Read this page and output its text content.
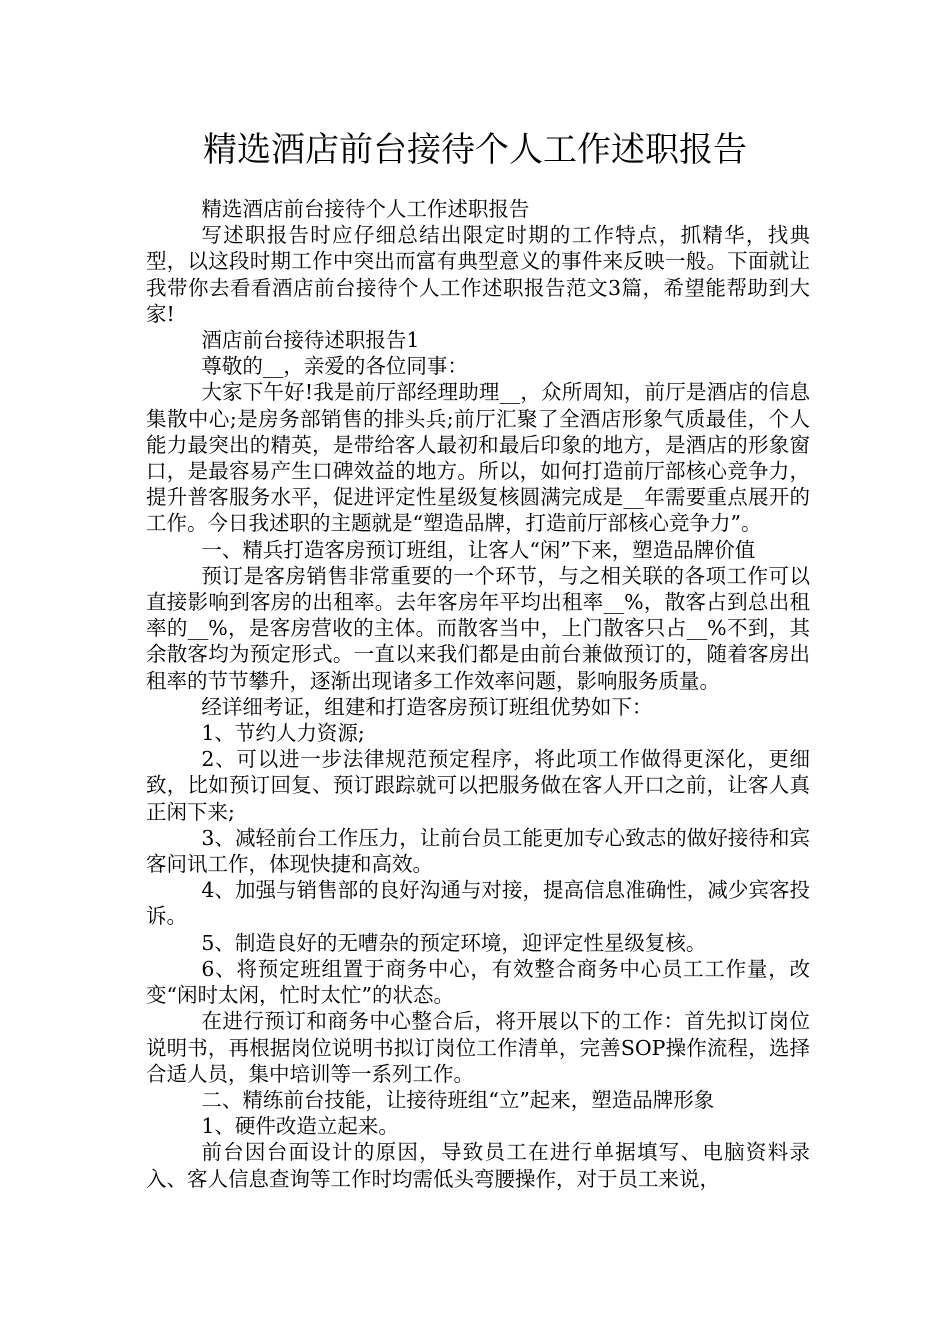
精选酒店前台接待个人工作述职报告

精选酒店前台接待个人工作述职报告

写述职报告时应仔细总结出限定时期的工作特点，抓精华，找典型，以这段时期工作中突出而富有典型意义的事件来反映一般。下面就让我带你去看看酒店前台接待个人工作述职报告范文3篇，希望能帮助到大家!

酒店前台接待述职报告1

尊敬的__，亲爱的各位同事：

大家下午好!我是前厅部经理助理__，众所周知，前厅是酒店的信息集散中心;是房务部销售的排头兵;前厅汇聚了全酒店形象气质最佳，个人能力最突出的精英，是带给客人最初和最后印象的地方，是酒店的形象窗口，是最容易产生口碑效益的地方。所以，如何打造前厅部核心竞争力，提升普客服务水平，促进评定性星级复核圆满完成是__年需要重点展开的工作。今日我述职的主题就是“塑造品牌，打造前厅部核心竞争力”。

一、精兵打造客房预订班组，让客人“闲”下来，塑造品牌价值

预订是客房销售非常重要的一个环节，与之相关联的各项工作可以直接影响到客房的出租率。去年客房年平均出租率__%，散客占到总出租率的__%，是客房营收的主体。而散客当中，上门散客只占__%不到，其余散客均为预定形式。一直以来我们都是由前台兼做预订的，随着客房出租率的节节攀升，逐渐出现诸多工作效率问题，影响服务质量。

经详细考证，组建和打造客房预订班组优势如下：

1、节约人力资源;

2、可以进一步法律规范预定程序，将此项工作做得更深化，更细致，比如预订回复、预订跟踪就可以把服务做在客人开口之前，让客人真正闲下来;

3、减轻前台工作压力，让前台员工能更加专心致志的做好接待和宾客问讯工作，体现快捷和高效。

4、加强与销售部的良好沟通与对接，提高信息准确性，减少宾客投诉。

5、制造良好的无嘈杂的预定环境，迎评定性星级复核。

6、将预定班组置于商务中心，有效整合商务中心员工工作量，改变“闲时太闲，忙时太忙”的状态。

在进行预订和商务中心整合后，将开展以下的工作：首先拟订岗位说明书，再根据岗位说明书拟订岗位工作清单，完善SOP操作流程，选择合适人员，集中培训等一系列工作。

二、精练前台技能，让接待班组“立”起来，塑造品牌形象

1、硬件改造立起来。

前台因台面设计的原因，导致员工在进行单据填写、电脑资料录入、客人信息查询等工作时均需低头弯腰操作，对于员工来说，
